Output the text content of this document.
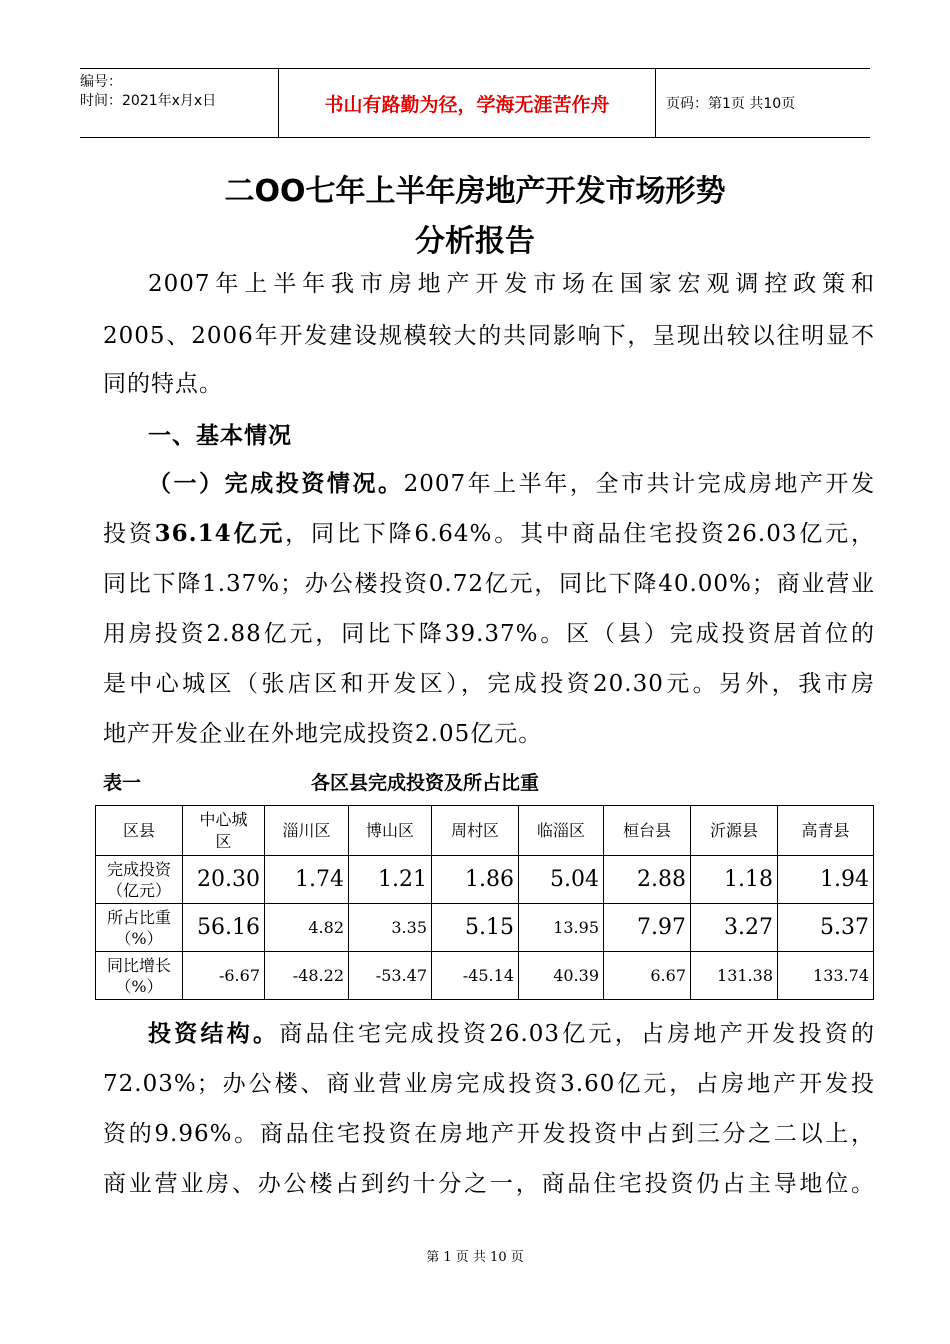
编号：
时间：2021年x月x日	书山有路勤为径，学海无涯苦作舟	页码：第1页 共10页
二OO七年上半年房地产开发市场形势
分析报告
2007年上半年我市房地产开发市场在国家宏观调控政策和
2005、2006年开发建设规模较大的共同影响下，呈现出较以往明显不
同的特点。
一、基本情况
（一）完成投资情况。2007年上半年，全市共计完成房地产开发
投资36.14亿元，同比下降6.64%。其中商品住宅投资26.03亿元，
同比下降1.37%；办公楼投资0.72亿元，同比下降40.00%；商业营业
用房投资2.88亿元，同比下降39.37%。区（县）完成投资居首位的
是中心城区（张店区和开发区），完成投资20.30元。另外，我市房
地产开发企业在外地完成投资2.05亿元。
表一	各区县完成投资及所占比重
区县	中心城区	淄川区	博山区	周村区	临淄区	桓台县	沂源县	高青县
完成投资（亿元）	20.30	1.74	1.21	1.86	5.04	2.88	1.18	1.94
所占比重（%）	56.16	4.82	3.35	5.15	13.95	7.97	3.27	5.37
同比增长（%）	-6.67	-48.22	-53.47	-45.14	40.39	6.67	131.38	133.74
投资结构。商品住宅完成投资26.03亿元，占房地产开发投资的
72.03%；办公楼、商业营业房完成投资3.60亿元，占房地产开发投
资的9.96%。商品住宅投资在房地产开发投资中占到三分之二以上，
商业营业房、办公楼占到约十分之一，商品住宅投资仍占主导地位。
第 1 页 共 10 页
